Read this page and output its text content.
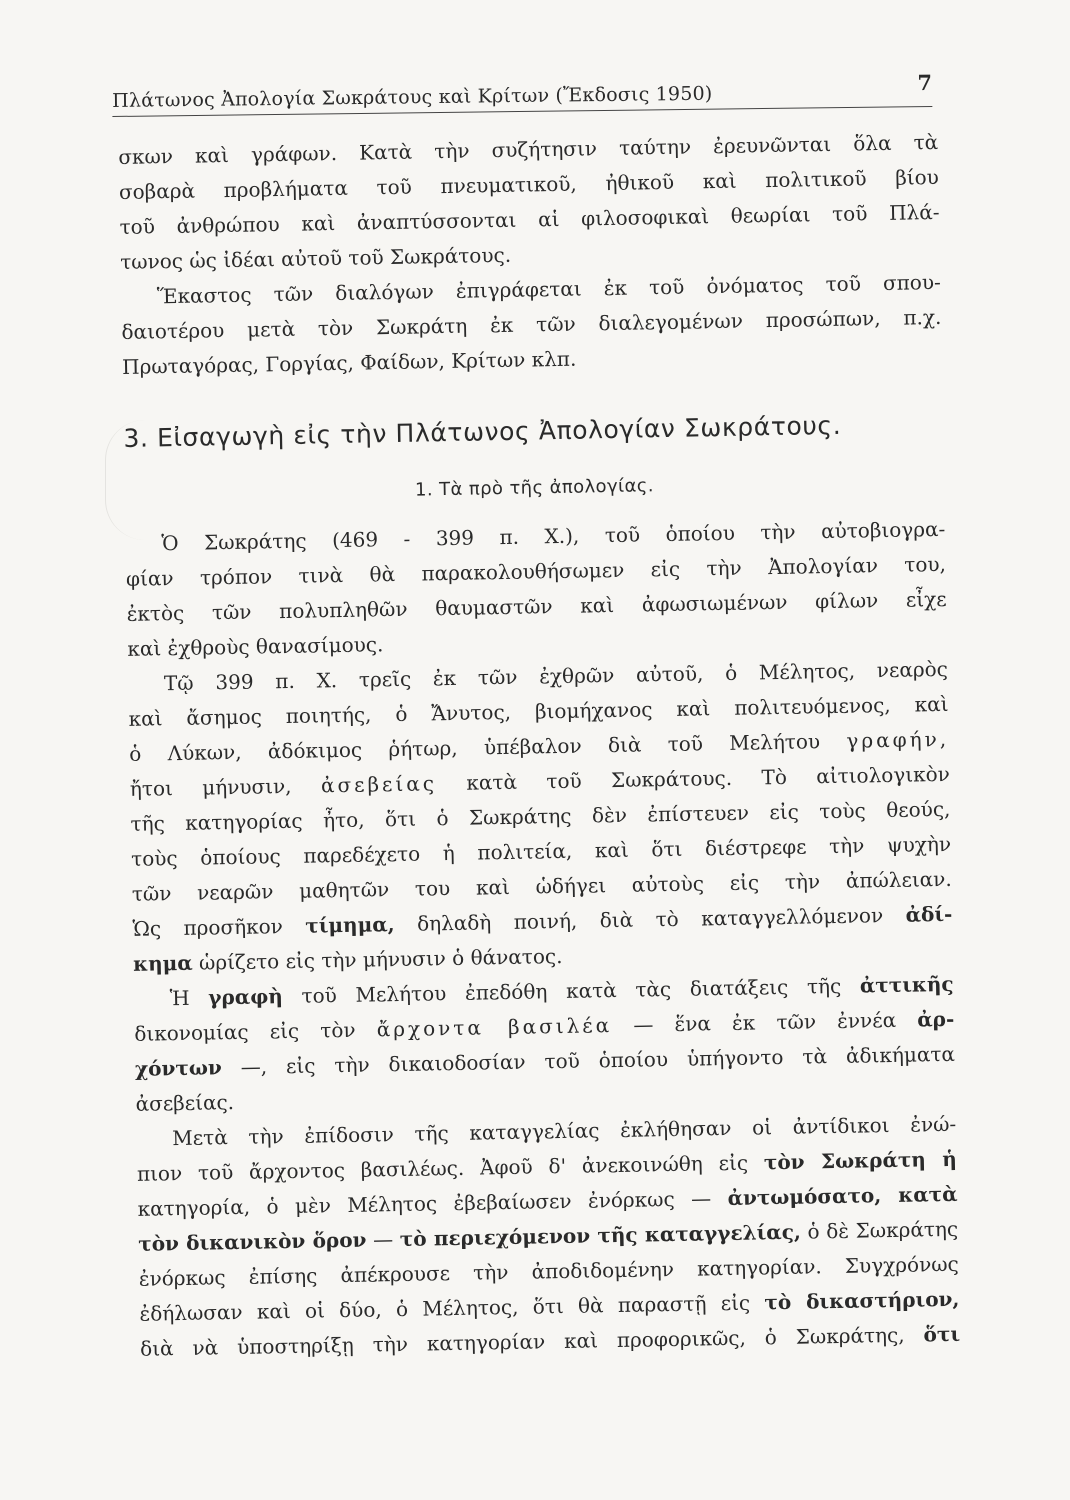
Πλάτωνος Ἀπολογία Σωκράτους καὶ Κρίτων (Ἔκδοσις 1950)
7
σκων καὶ γράφων. Κατὰ τὴν συζήτησιν ταύτην ἐρευνῶνται ὅλα τὰ
σοβαρὰ προβλήματα τοῦ πνευματικοῦ, ἠθικοῦ καὶ πολιτικοῦ βίου
τοῦ ἀνθρώπου καὶ ἀναπτύσσονται αἱ φιλοσοφικαὶ θεωρίαι τοῦ Πλά-
τωνος ὡς ἰδέαι αὐτοῦ τοῦ Σωκράτους.
Ἕκαστος τῶν διαλόγων ἐπιγράφεται ἐκ τοῦ ὀνόματος τοῦ σπου-
δαιοτέρου μετὰ τὸν Σωκράτη ἐκ τῶν διαλεγομένων προσώπων, π.χ.
Πρωταγόρας, Γοργίας, Φαίδων, Κρίτων κλπ.
3. Εἰσαγωγὴ εἰς τὴν Πλάτωνος Ἀπολογίαν Σωκράτους.
1. Τὰ πρὸ τῆς ἀπολογίας.
Ὁ Σωκράτης (469 - 399 π. Χ.), τοῦ ὁποίου τὴν αὐτοβιογρα-
φίαν τρόπον τινὰ θὰ παρακολουθήσωμεν εἰς τὴν Ἀπολογίαν του,
ἐκτὸς τῶν πολυπληθῶν θαυμαστῶν καὶ ἀφωσιωμένων φίλων εἶχε
καὶ ἐχθροὺς θανασίμους.
Τῷ 399 π. Χ. τρεῖς ἐκ τῶν ἐχθρῶν αὐτοῦ, ὁ Μέλητος, νεαρὸς
καὶ ἄσημος ποιητής, ὁ Ἄνυτος, βιομήχανος καὶ πολιτευόμενος, καὶ
ὁ Λύκων, ἀδόκιμος ῥήτωρ, ὑπέβαλον διὰ τοῦ Μελήτου γραφήν,
ἤτοι μήνυσιν, ἀσεβείας κατὰ τοῦ Σωκράτους. Τὸ αἰτιολογικὸν
τῆς κατηγορίας ἦτο, ὅτι ὁ Σωκράτης δὲν ἐπίστευεν εἰς τοὺς θεούς,
τοὺς ὁποίους παρεδέχετο ἡ πολιτεία, καὶ ὅτι διέστρεφε τὴν ψυχὴν
τῶν νεαρῶν μαθητῶν του καὶ ὡδήγει αὐτοὺς εἰς τὴν ἀπώλειαν.
Ὡς προσῆκον τίμημα, δηλαδὴ ποινή, διὰ τὸ καταγγελλόμενον ἀδί-
κημα ὡρίζετο εἰς τὴν μήνυσιν ὁ θάνατος.
Ἡ γραφὴ τοῦ Μελήτου ἐπεδόθη κατὰ τὰς διατάξεις τῆς ἀττικῆς
δικονομίας εἰς τὸν ἄρχοντα βασιλέα — ἕνα ἐκ τῶν ἐννέα ἀρ-
χόντων —, εἰς τὴν δικαιοδοσίαν τοῦ ὁποίου ὑπήγοντο τὰ ἀδικήματα
ἀσεβείας.
Μετὰ τὴν ἐπίδοσιν τῆς καταγγελίας ἐκλήθησαν οἱ ἀντίδικοι ἐνώ-
πιον τοῦ ἄρχοντος βασιλέως. Ἀφοῦ δ' ἀνεκοινώθη εἰς τὸν Σωκράτη ἡ
κατηγορία, ὁ μὲν Μέλητος ἐβεβαίωσεν ἐνόρκως — ἀντωμόσατο, κατὰ
τὸν δικανικὸν ὅρον — τὸ περιεχόμενον τῆς καταγγελίας, ὁ δὲ Σωκράτης
ἐνόρκως ἐπίσης ἀπέκρουσε τὴν ἀποδιδομένην κατηγορίαν. Συγχρόνως
ἐδήλωσαν καὶ οἱ δύο, ὁ Μέλητος, ὅτι θὰ παραστῇ εἰς τὸ δικαστήριον,
διὰ νὰ ὑποστηρίξῃ τὴν κατηγορίαν καὶ προφορικῶς, ὁ Σωκράτης, ὅτι
